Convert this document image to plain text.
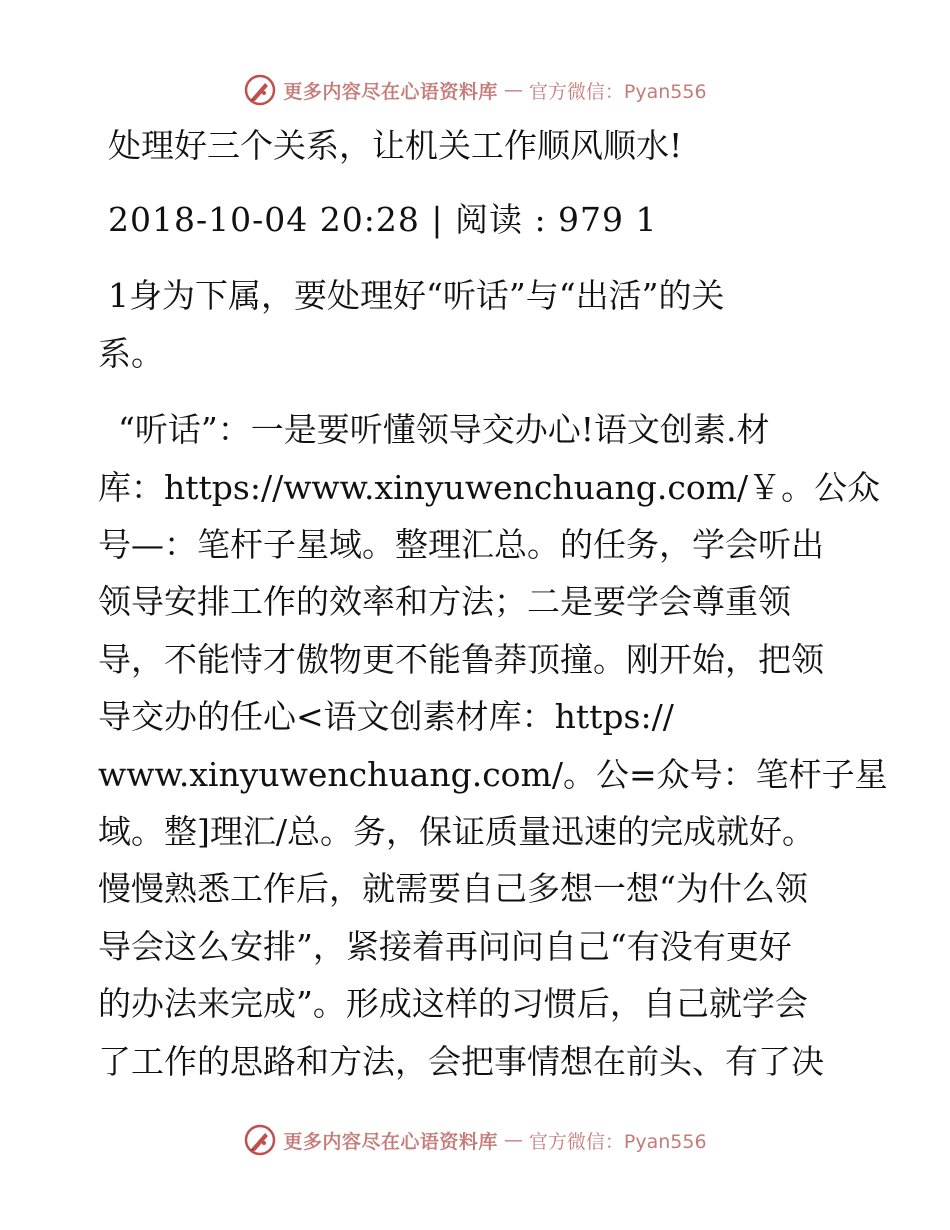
更多内容尽在心语资料库 — 官方微信：Pyan556
处理好三个关系，让机关工作顺风顺水!
2018-10-04 20:28 | 阅读 : 979 1
1身为下属，要处理好“听话”与“出活”的关
系。
“听话”：一是要听懂领导交办心!语文创素.材
库：https://www.xinyuwenchuang.com/￥。公众
号—：笔杆子星域。整理汇总。的任务，学会听出
领导安排工作的效率和方法；二是要学会尊重领
导，不能恃才傲物更不能鲁莽顶撞。刚开始，把领
导交办的任心<语文创素材库：https://
www.xinyuwenchuang.com/。公=众号：笔杆子星
域。整]理汇/总。务，保证质量迅速的完成就好。
慢慢熟悉工作后，就需要自己多想一想“为什么领
导会这么安排”，紧接着再问问自己“有没有更好
的办法来完成”。形成这样的习惯后，自己就学会
了工作的思路和方法，会把事情想在前头、有了决
更多内容尽在心语资料库 — 官方微信：Pyan556
